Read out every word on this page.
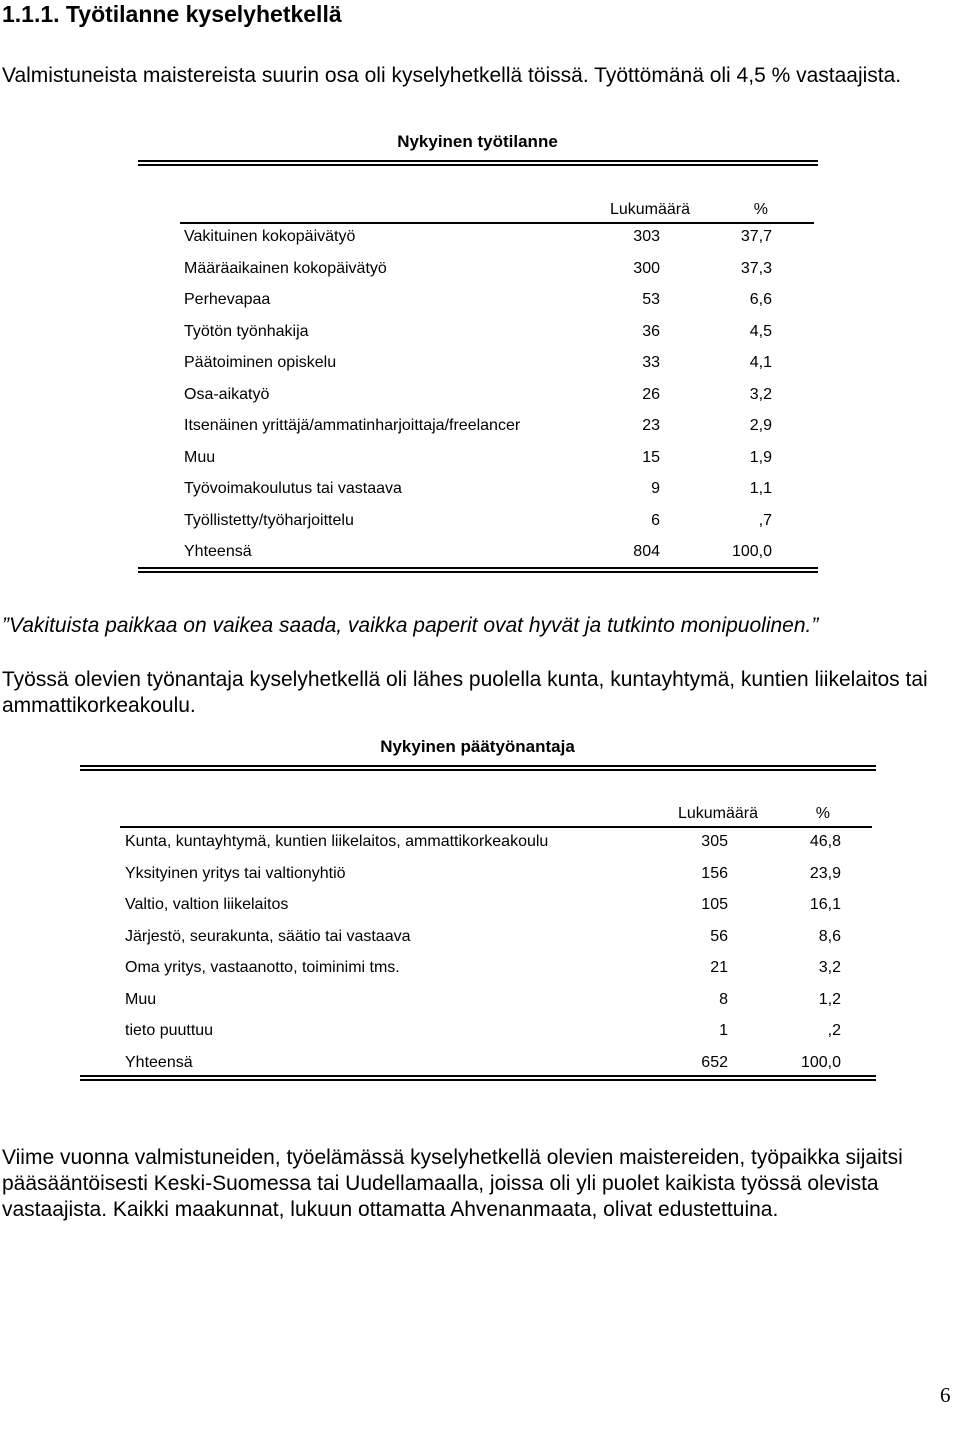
1.1.1. Työtilanne kyselyhetkellä
Valmistuneista maistereista suurin osa oli kyselyhetkellä töissä. Työttömänä oli 4,5 % vastaajista.
Nykyinen työtilanne
Lukumäärä	%
Vakituinen kokopäivätyö	303	37,7
Määräaikainen kokopäivätyö	300	37,3
Perhevapaa	53	6,6
Työtön työnhakija	36	4,5
Päätoiminen opiskelu	33	4,1
Osa-aikatyö	26	3,2
Itsenäinen yrittäjä/ammatinharjoittaja/freelancer	23	2,9
Muu	15	1,9
Työvoimakoulutus tai vastaava	9	1,1
Työllistetty/työharjoittelu	6	,7
Yhteensä	804	100,0
”Vakituista paikkaa on vaikea saada, vaikka paperit ovat hyvät ja tutkinto monipuolinen.”
Työssä olevien työnantaja kyselyhetkellä oli lähes puolella kunta, kuntayhtymä, kuntien liikelaitos tai ammattikorkeakoulu.
Nykyinen päätyönantaja
Lukumäärä	%
Kunta, kuntayhtymä, kuntien liikelaitos, ammattikorkeakoulu	305	46,8
Yksityinen yritys tai valtionyhtiö	156	23,9
Valtio, valtion liikelaitos	105	16,1
Järjestö, seurakunta, säätio tai vastaava	56	8,6
Oma yritys, vastaanotto, toiminimi tms.	21	3,2
Muu	8	1,2
tieto puuttuu	1	,2
Yhteensä	652	100,0
Viime vuonna valmistuneiden, työelämässä kyselyhetkellä olevien maistereiden, työpaikka sijaitsi pääsääntöisesti Keski-Suomessa tai Uudellamaalla, joissa oli yli puolet kaikista työssä olevista vastaajista. Kaikki maakunnat, lukuun ottamatta Ahvenanmaata, olivat edustettuina.
6
